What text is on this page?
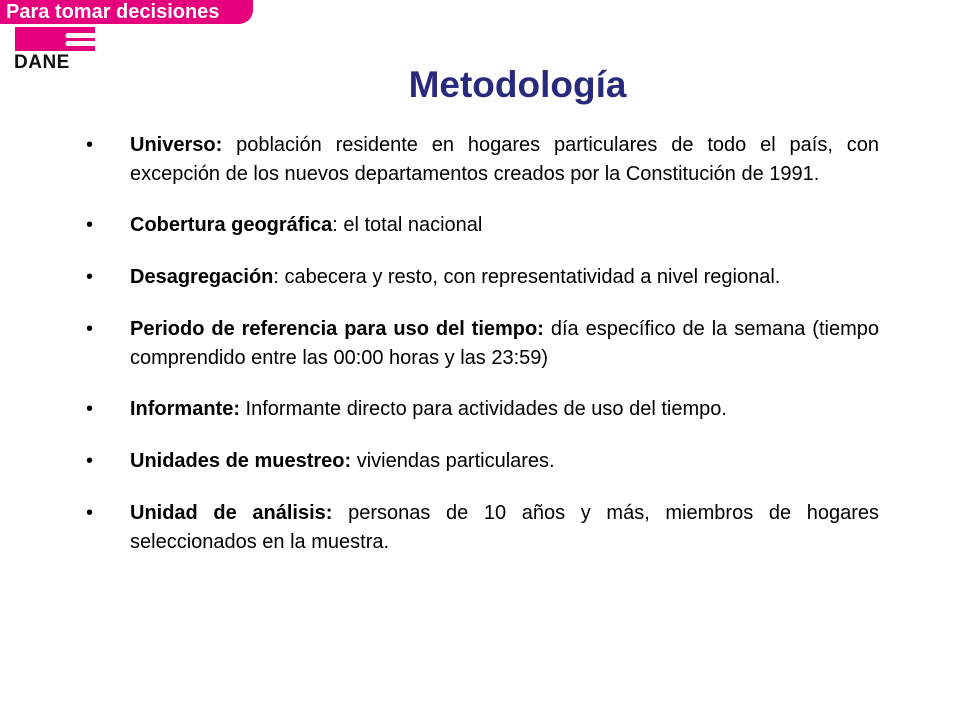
Para tomar decisiones
DANE
Metodología
•	Universo: población residente en hogares particulares de todo el país, con excepción de los nuevos departamentos creados por la Constitución de 1991.
•	Cobertura geográfica: el total nacional
•	Desagregación: cabecera y resto, con representatividad a nivel regional.
•	Periodo de referencia para uso del tiempo: día específico de la semana (tiempo comprendido entre las 00:00 horas y las 23:59)
•	Informante: Informante directo para actividades de uso del tiempo.
•	Unidades de muestreo: viviendas particulares.
•	Unidad de análisis: personas de 10 años y más, miembros de hogares seleccionados en la muestra.
